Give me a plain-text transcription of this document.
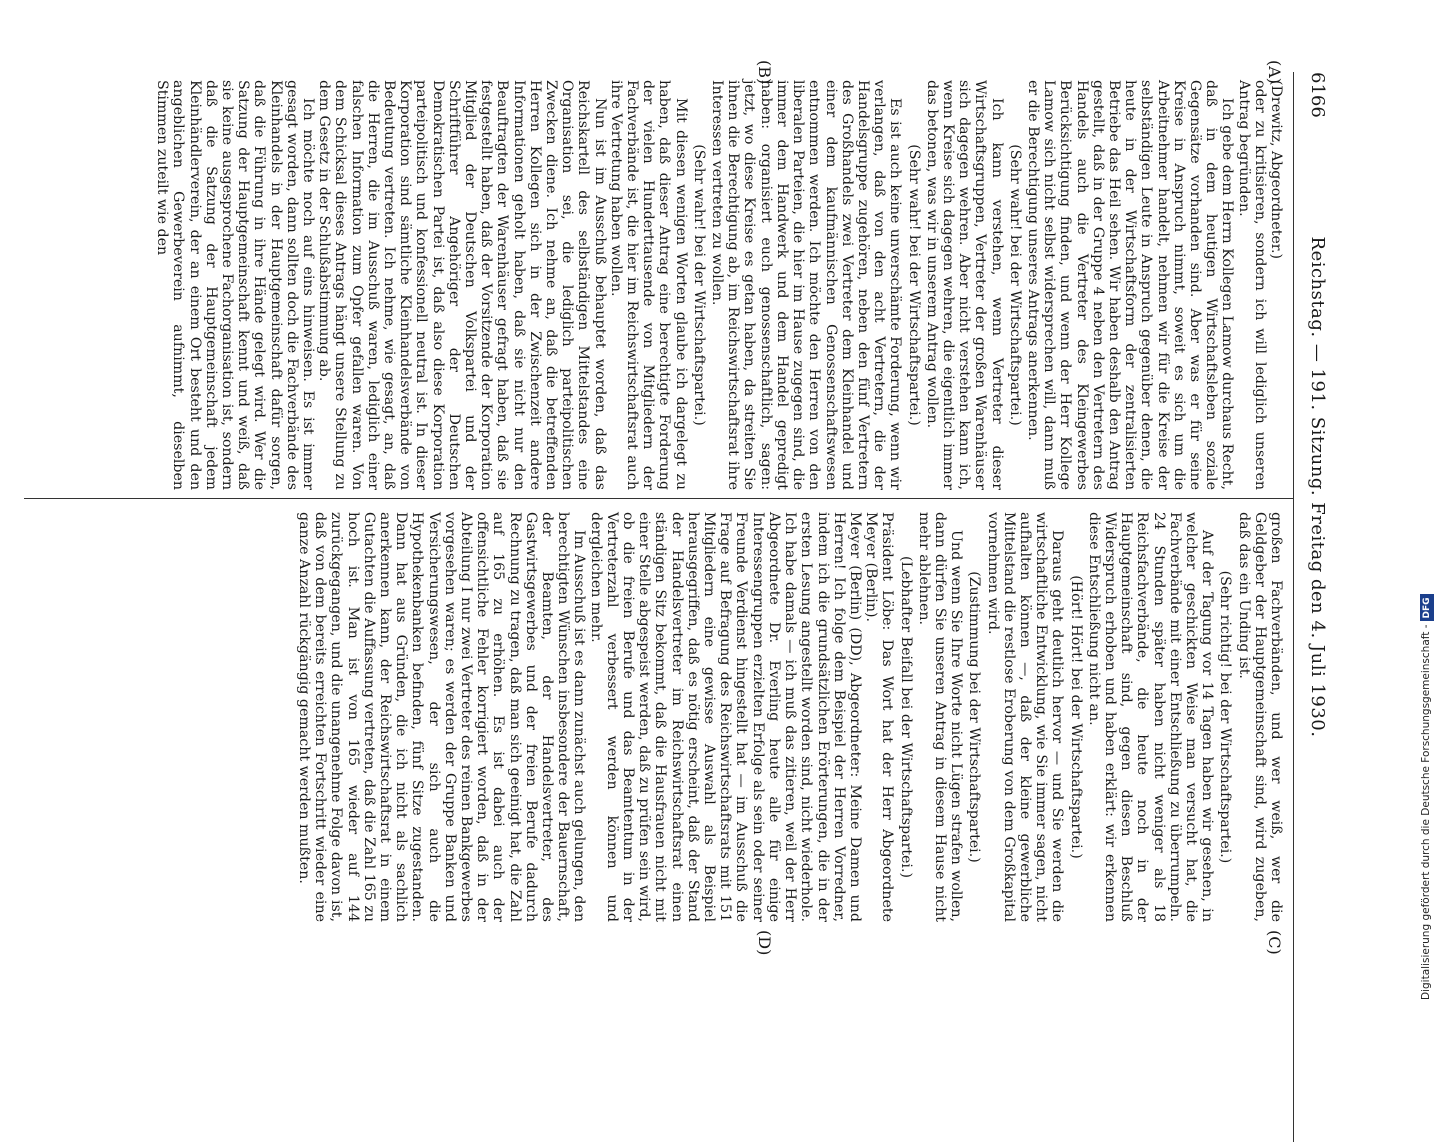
6166
Reichstag. — 191. Sitzung. Freitag den 4. Juli 1930.
(A)
(B)
(C)
(D)

(Drewitz, Abgeordneter.)

oder zu kritisieren, sondern ich will lediglich unseren Antrag begründen.

Ich gebe dem Herrn Kollegen Lamow durchaus Recht, daß in dem heutigen Wirtschaftsleben soziale Gegensätze vorhanden sind. Aber was er für seine Kreise in Anspruch nimmt, soweit es sich um die Arbeitnehmer handelt, nehmen wir für die Kreise der selbständigen Leute in Anspruch gegenüber denen, die heute in der Wirtschaftsform der zentralisierten Betriebe das Heil sehen. Wir haben deshalb den Antrag gestellt, daß in der Gruppe 4 neben den Vertretern des Handels auch die Vertreter des Kleingewerbes Berücksichtigung finden, und wenn der Herr Kollege Lamow sich nicht selbst widersprechen will, dann muß er die Berechtigung unseres Antrags anerkennen.

(Sehr wahr! bei der Wirtschaftspartei.)

Ich kann verstehen, wenn Vertreter dieser Wirtschaftsgruppen, Vertreter der großen Warenhäuser sich dagegen wehren. Aber nicht verstehen kann ich, wenn Kreise sich dagegen wehren, die eigentlich immer das betonen, was wir in unserem Antrag wollen.

(Sehr wahr! bei der Wirtschaftspartei.)

Es ist auch keine unverschämte Forderung, wenn wir verlangen, daß von den acht Vertretern, die der Handelsgruppe zugehören, neben den fünf Vertretern des Großhandels zwei Vertreter dem Kleinhandel und einer dem kaufmännischen Genossenschaftswesen entnommen werden. Ich möchte den Herren von den liberalen Parteien, die hier im Hause zugegen sind, die immer dem Handwerk und dem Handel gepredigt haben: organisiert euch genossenschaftlich, sagen: jetzt, wo diese Kreise es getan haben, da streiten Sie ihnen die Berechtigung ab, im Reichswirtschaftsrat ihre Interessen vertreten zu wollen.

(Sehr wahr! bei der Wirtschaftspartei.)

Mit diesen wenigen Worten glaube ich dargelegt zu haben, daß dieser Antrag eine berechtigte Forderung der vielen Hunderttausende von Mitgliedern der Fachverbände ist, die hier im Reichswirtschaftsrat auch ihre Vertretung haben wollen.

Nun ist im Ausschuß behauptet worden, daß das Reichskartell des selbständigen Mittelstandes eine Organisation sei, die lediglich parteipolitischen Zwecken diene. Ich nehme an, daß die betreffenden Herren Kollegen sich in der Zwischenzeit andere Informationen geholt haben, daß sie nicht nur den Beauftragten der Warenhäuser gefragt haben, daß sie festgestellt haben, daß der Vorsitzende der Korporation Mitglied der Deutschen Volkspartei und der Schriftführer Angehöriger der Deutschen Demokratischen Partei ist, daß also diese Korporation parteipolitisch und konfessionell neutral ist. In dieser Korporation sind sämtliche Kleinhandelsverbände von Bedeutung vertreten. Ich nehme, wie gesagt, an, daß die Herren, die im Ausschuß waren, lediglich einer falschen Information zum Opfer gefallen waren. Von dem Schicksal dieses Antrags hängt unsere Stellung zu dem Gesetz in der Schlußabstimmung ab.

Ich möchte noch auf eins hinweisen. Es ist immer gesagt worden, dann sollten doch die Fachverbände des Kleinhandels in der Hauptgemeinschaft dafür sorgen, daß die Führung in ihre Hände gelegt wird. Wer die Satzung der Hauptgemeinschaft kennt und weiß, daß sie keine ausgesprochene Fachorganisation ist, sondern daß die Satzung der Hauptgemeinschaft jedem Kleinhändlerverein, der an einem Ort besteht und den angeblichen Gewerbeverein aufnimmt, dieselben Stimmen zuteilt wie den

großen Fachverbänden, und wer weiß, wer die Geldgeber der Hauptgemeinschaft sind, wird zugeben, daß das ein Unding ist.

(Sehr richtig! bei der Wirtschaftspartei.)

Auf der Tagung vor 14 Tagen haben wir gesehen, in welcher geschickten Weise man versucht hat, die Fachverbände mit einer Entschließung zu überrumpeln. 24 Stunden später haben nicht weniger als 18 Reichsfachverbände, die heute noch in der Hauptgemeinschaft sind, gegen diesen Beschluß Widerspruch erhoben und haben erklärt: wir erkennen diese Entschließung nicht an.

(Hört! Hört! bei der Wirtschaftspartei.)

Daraus geht deutlich hervor — und Sie werden die wirtschaftliche Entwicklung, wie Sie immer sagen, nicht aufhalten können —, daß der kleine gewerbliche Mittelstand die restlose Eroberung von dem Großkapital vornehmen wird.

(Zustimmung bei der Wirtschaftspartei.)

Und wenn Sie Ihre Worte nicht Lügen strafen wollen, dann dürfen Sie unseren Antrag in diesem Hause nicht mehr ablehnen.

(Lebhafter Beifall bei der Wirtschaftspartei.)

Präsident Löbe: Das Wort hat der Herr Abgeordnete Meyer (Berlin).

Meyer (Berlin) (DD), Abgeordneter: Meine Damen und Herren! Ich folge dem Beispiel der Herren Vorredner, indem ich die grundsätzlichen Erörterungen, die in der ersten Lesung angestellt worden sind, nicht wiederhole. Ich habe damals — ich muß das zitieren, weil der Herr Abgeordnete Dr. Everling heute alle für einige Interessengruppen erzielten Erfolge als sein oder seiner Freunde Verdienst hingestellt hat — im Ausschuß die Frage auf Befragung des Reichswirtschaftsrats mit 151 Mitgliedern eine gewisse Auswahl als Beispiel herausgegriffen, daß es nötig erscheint, daß der Stand der Handelsvertreter im Reichswirtschaftsrat einen ständigen Sitz bekommt, daß die Hausfrauen nicht mit einer Stelle abgespeist werden, daß zu prüfen sein wird, ob die freien Berufe und das Beamtentum in der Vertreterzahl verbessert werden können und dergleichen mehr.

Im Ausschuß ist es dann zunächst auch gelungen, den berechtigten Wünschen insbesondere der Bauernschaft, der Beamten, der Handelsvertreter, des Gastwirtsgewerbes und der freien Berufe dadurch Rechnung zu tragen, daß man sich geeinigt hat, die Zahl auf 165 zu erhöhen. Es ist dabei auch der offensichtliche Fehler korrigiert worden, daß in der Abteilung I nur zwei Vertreter des reinen Bankgewerbes vorgesehen waren; es werden der Gruppe Banken und Versicherungswesen, der sich auch die Hypothekenbanken befinden, fünf Sitze zugestanden. Dann hat aus Gründen, die ich nicht als sachlich anerkennen kann, der Reichswirtschaftsrat in einem Gutachten die Auffassung vertreten, daß die Zahl 165 zu hoch ist. Man ist von 165 wieder auf 144 zurückgegangen, und die unangenehme Folge davon ist, daß von dem bereits erreichten Fortschritt wieder eine ganze Anzahl rückgängig gemacht werden mußten.	Digitalisierung gefördert durch die Deutsche Forschungsgemeinschaft -DFG
